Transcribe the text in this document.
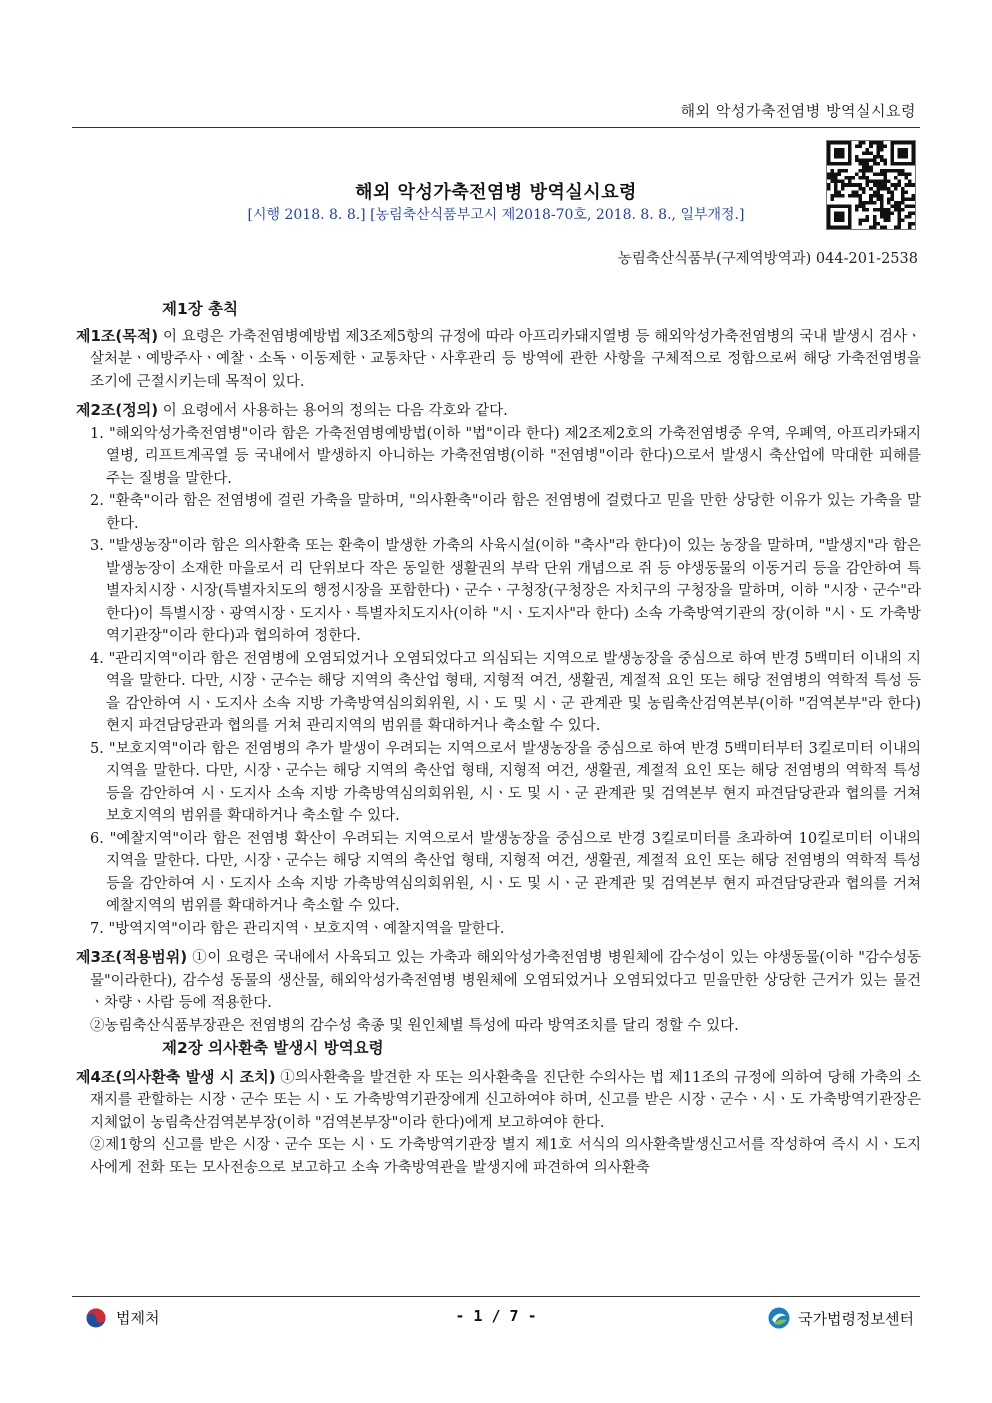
해외 악성가축전염병 방역실시요령
해외 악성가축전염병 방역실시요령
[시행 2018. 8. 8.] [농림축산식품부고시 제2018-70호, 2018. 8. 8., 일부개정.]
농림축산식품부(구제역방역과) 044-201-2538

제1장 총칙

제1조(목적) 이 요령은 가축전염병예방법 제3조제5항의 규정에 따라 아프리카돼지열병 등 해외악성가축전염병의 국내 발생시 검사ㆍ살처분ㆍ예방주사ㆍ예찰ㆍ소독ㆍ이동제한ㆍ교통차단ㆍ사후관리 등 방역에 관한 사항을 구체적으로 정함으로써 해당 가축전염병을 조기에 근절시키는데 목적이 있다.

제2조(정의) 이 요령에서 사용하는 용어의 정의는 다음 각호와 같다.

1. "해외악성가축전염병"이라 함은 가축전염병예방법(이하 "법"이라 한다) 제2조제2호의 가축전염병중 우역, 우폐역, 아프리카돼지열병, 리프트계곡열 등 국내에서 발생하지 아니하는 가축전염병(이하 "전염병"이라 한다)으로서 발생시 축산업에 막대한 피해를 주는 질병을 말한다.

2. "환축"이라 함은 전염병에 걸린 가축을 말하며, "의사환축"이라 함은 전염병에 걸렸다고 믿을 만한 상당한 이유가 있는 가축을 말한다.

3. "발생농장"이라 함은 의사환축 또는 환축이 발생한 가축의 사육시설(이하 "축사"라 한다)이 있는 농장을 말하며, "발생지"라 함은 발생농장이 소재한 마을로서 리 단위보다 작은 동일한 생활권의 부락 단위 개념으로 쥐 등 야생동물의 이동거리 등을 감안하여 특별자치시장ㆍ시장(특별자치도의 행정시장을 포함한다)ㆍ군수ㆍ구청장(구청장은 자치구의 구청장을 말하며, 이하 "시장ㆍ군수"라 한다)이 특별시장ㆍ광역시장ㆍ도지사ㆍ특별자치도지사(이하 "시ㆍ도지사"라 한다) 소속 가축방역기관의 장(이하 "시ㆍ도 가축방역기관장"이라 한다)과 협의하여 정한다.

4. "관리지역"이라 함은 전염병에 오염되었거나 오염되었다고 의심되는 지역으로 발생농장을 중심으로 하여 반경 5백미터 이내의 지역을 말한다. 다만, 시장ㆍ군수는 해당 지역의 축산업 형태, 지형적 여건, 생활권, 계절적 요인 또는 해당 전염병의 역학적 특성 등을 감안하여 시ㆍ도지사 소속 지방 가축방역심의회위원, 시ㆍ도 및 시ㆍ군 관계관 및 농림축산검역본부(이하 "검역본부"라 한다) 현지 파견담당관과 협의를 거쳐 관리지역의 범위를 확대하거나 축소할 수 있다.

5. "보호지역"이라 함은 전염병의 추가 발생이 우려되는 지역으로서 발생농장을 중심으로 하여 반경 5백미터부터 3킬로미터 이내의 지역을 말한다. 다만, 시장ㆍ군수는 해당 지역의 축산업 형태, 지형적 여건, 생활권, 계절적 요인 또는 해당 전염병의 역학적 특성 등을 감안하여 시ㆍ도지사 소속 지방 가축방역심의회위원, 시ㆍ도 및 시ㆍ군 관계관 및 검역본부 현지 파견담당관과 협의를 거쳐 보호지역의 범위를 확대하거나 축소할 수 있다.

6. "예찰지역"이라 함은 전염병 확산이 우려되는 지역으로서 발생농장을 중심으로 반경 3킬로미터를 초과하여 10킬로미터 이내의 지역을 말한다. 다만, 시장ㆍ군수는 해당 지역의 축산업 형태, 지형적 여건, 생활권, 계절적 요인 또는 해당 전염병의 역학적 특성 등을 감안하여 시ㆍ도지사 소속 지방 가축방역심의회위원, 시ㆍ도 및 시ㆍ군 관계관 및 검역본부 현지 파견담당관과 협의를 거쳐 예찰지역의 범위를 확대하거나 축소할 수 있다.

7. "방역지역"이라 함은 관리지역ㆍ보호지역ㆍ예찰지역을 말한다.

제3조(적용범위) ①이 요령은 국내에서 사육되고 있는 가축과 해외악성가축전염병 병원체에 감수성이 있는 야생동물(이하 "감수성동물"이라한다), 감수성 동물의 생산물, 해외악성가축전염병 병원체에 오염되었거나 오염되었다고 믿을만한 상당한 근거가 있는 물건ㆍ차량ㆍ사람 등에 적용한다.

②농림축산식품부장관은 전염병의 감수성 축종 및 원인체별 특성에 따라 방역조치를 달리 정할 수 있다.

제2장 의사환축 발생시 방역요령

제4조(의사환축 발생 시 조치) ①의사환축을 발견한 자 또는 의사환축을 진단한 수의사는 법 제11조의 규정에 의하여 당해 가축의 소재지를 관할하는 시장ㆍ군수 또는 시ㆍ도 가축방역기관장에게 신고하여야 하며, 신고를 받은 시장ㆍ군수ㆍ시ㆍ도 가축방역기관장은 지체없이 농림축산검역본부장(이하 "검역본부장"이라 한다)에게 보고하여야 한다.

②제1항의 신고를 받은 시장ㆍ군수 또는 시ㆍ도 가축방역기관장 별지 제1호 서식의 의사환축발생신고서를 작성하여 즉시 시ㆍ도지사에게 전화 또는 모사전송으로 보고하고 소속 가축방역관을 발생지에 파견하여 의사환축

법제처	- 1 / 7 -	국가법령정보센터
